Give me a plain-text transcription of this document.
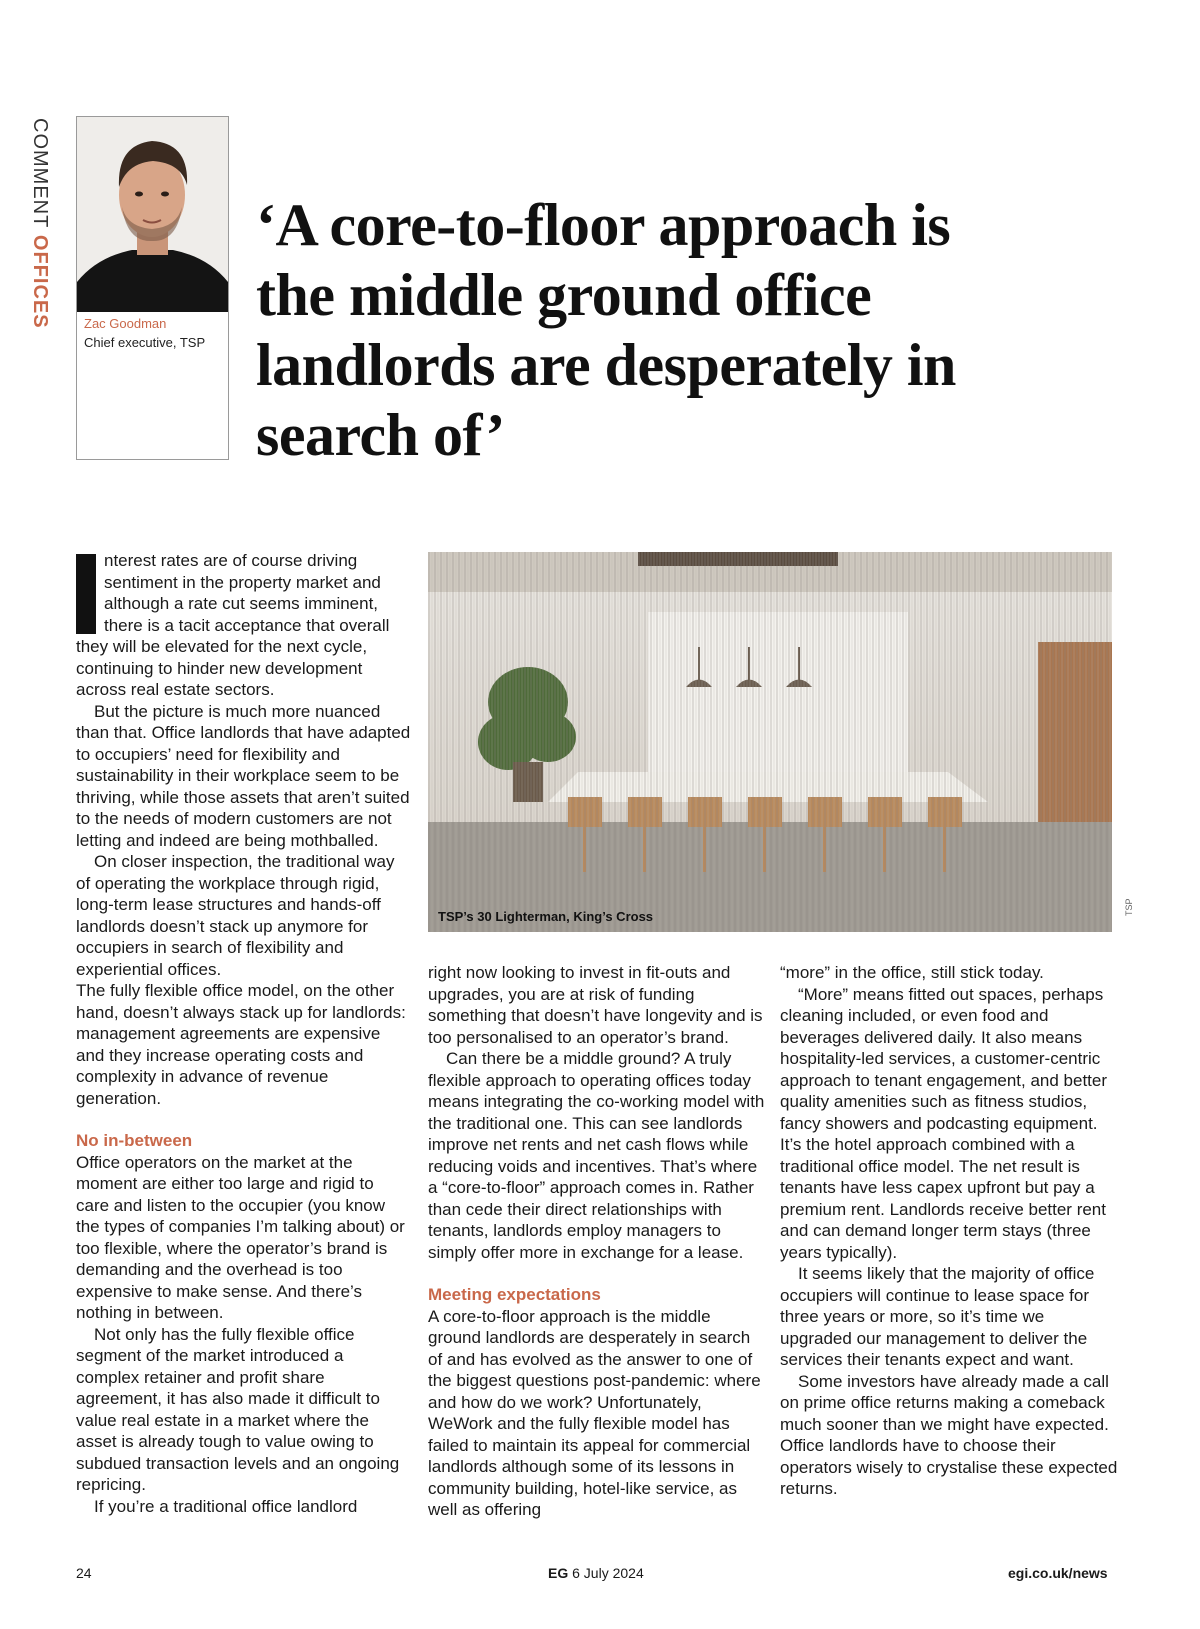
COMMENT OFFICES	Zac Goodman
Chief executive, TSP
‘A core-to-floor approach is the middle ground office landlords are desperately in search of’

nterest rates are of course driving sentiment in the property market and although a rate cut seems imminent, there is a tacit acceptance that overall they will be elevated for the next cycle, continuing to hinder new development across real estate sectors.

But the picture is much more nuanced than that. Office landlords that have adapted to occupiers’ need for flexibility and sustainability in their workplace seem to be thriving, while those assets that aren’t suited to the needs of modern customers are not letting and indeed are being mothballed.

On closer inspection, the traditional way of operating the workplace through rigid, long-term lease structures and hands-off landlords doesn’t stack up anymore for occupiers in search of flexibility and experiential offices.

The fully flexible office model, on the other hand, doesn’t always stack up for landlords: management agreements are expensive and they increase operating costs and complexity in advance of revenue generation.

No in-between

Office operators on the market at the moment are either too large and rigid to care and listen to the occupier (you know the types of companies I’m talking about) or too flexible, where the operator’s brand is demanding and the overhead is too expensive to make sense. And there’s nothing in between.

Not only has the fully flexible office segment of the market introduced a complex retainer and profit share agreement, it has also made it difficult to value real estate in a market where the asset is already tough to value owing to subdued transaction levels and an ongoing repricing.

If you’re a traditional office landlord

TSP’s 30 Lighterman, King’s Cross
TSP

right now looking to invest in fit-outs and upgrades, you are at risk of funding something that doesn’t have longevity and is too personalised to an operator’s brand.

Can there be a middle ground? A truly flexible approach to operating offices today means integrating the co-working model with the traditional one. This can see landlords improve net rents and net cash flows while reducing voids and incentives. That’s where a “core-to-floor” approach comes in. Rather than cede their direct relationships with tenants, landlords employ managers to simply offer more in exchange for a lease.

Meeting expectations

A core-to-floor approach is the middle ground landlords are desperately in search of and has evolved as the answer to one of the biggest questions post-pandemic: where and how do we work? Unfortunately, WeWork and the fully flexible model has failed to maintain its appeal for commercial landlords although some of its lessons in community building, hotel-like service, as well as offering

“more” in the office, still stick today.

“More” means fitted out spaces, perhaps cleaning included, or even food and beverages delivered daily. It also means hospitality-led services, a customer-centric approach to tenant engagement, and better quality amenities such as fitness studios, fancy showers and podcasting equipment. It’s the hotel approach combined with a traditional office model. The net result is tenants have less capex upfront but pay a premium rent. Landlords receive better rent and can demand longer term stays (three years typically).

It seems likely that the majority of office occupiers will continue to lease space for three years or more, so it’s time we upgraded our management to deliver the services their tenants expect and want.

Some investors have already made a call on prime office returns making a comeback much sooner than we might have expected. Office landlords have to choose their operators wisely to crystalise these expected returns.

24	EG 6 July 2024	egi.co.uk/news
